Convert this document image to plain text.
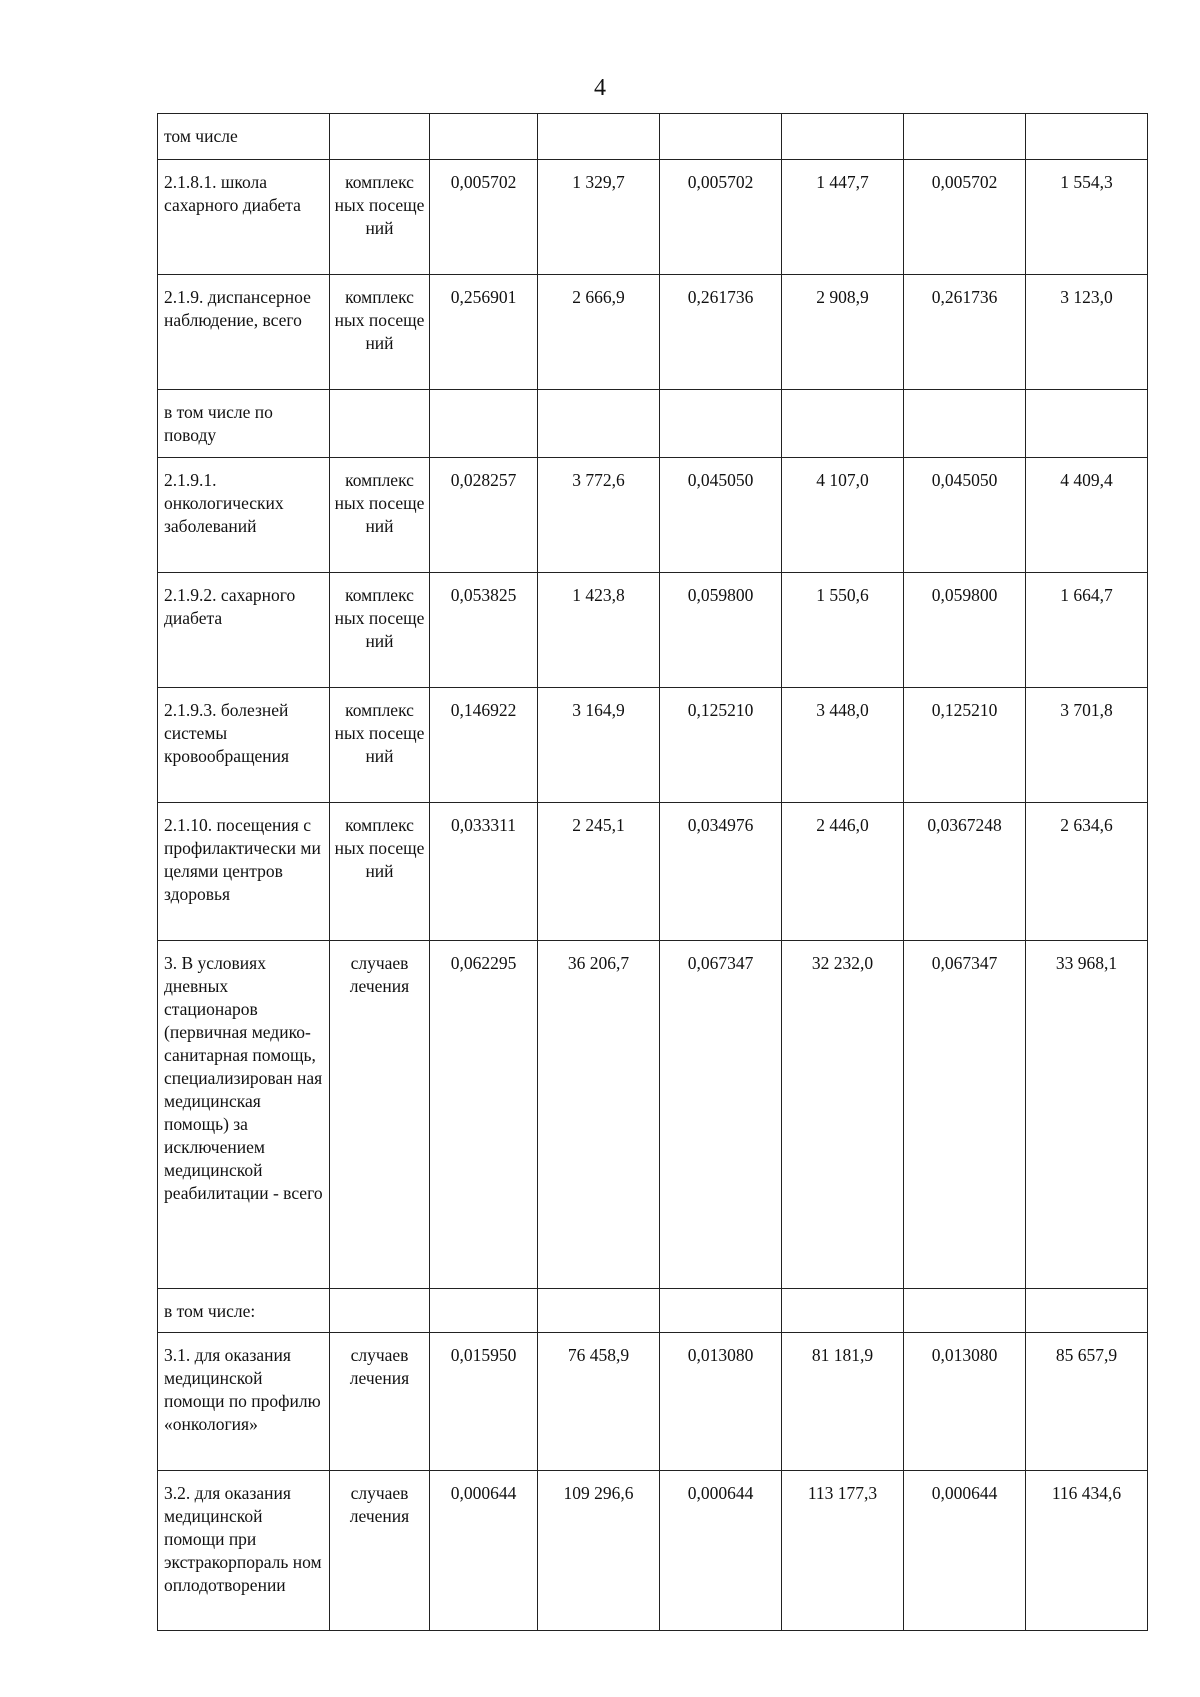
4
том числе							
2.1.8.1. школа сахарного диабета	комплекс ных посеще ний	0,005702	1 329,7	0,005702	1 447,7	0,005702	1 554,3
2.1.9. диспансерное наблюдение, всего	комплекс ных посеще ний	0,256901	2 666,9	0,261736	2 908,9	0,261736	3 123,0
в том числе по поводу							
2.1.9.1. онкологических заболеваний	комплекс ных посеще ний	0,028257	3 772,6	0,045050	4 107,0	0,045050	4 409,4
2.1.9.2. сахарного диабета	комплекс ных посеще ний	0,053825	1 423,8	0,059800	1 550,6	0,059800	1 664,7
2.1.9.3. болезней системы кровообращения	комплекс ных посеще ний	0,146922	3 164,9	0,125210	3 448,0	0,125210	3 701,8
2.1.10. посещения с профилактически ми целями центров здоровья	комплекс ных посеще ний	0,033311	2 245,1	0,034976	2 446,0	0,0367248	2 634,6
3. В условиях дневных стационаров (первичная медико-санитарная помощь, специализирован ная медицинская помощь) за исключением медицинской реабилитации - всего	случаев лечения	0,062295	36 206,7	0,067347	32 232,0	0,067347	33 968,1
в том числе:							
3.1. для оказания медицинской помощи по профилю «онкология»	случаев лечения	0,015950	76 458,9	0,013080	81 181,9	0,013080	85 657,9
3.2. для оказания медицинской помощи при экстракорпораль ном оплодотворении	случаев лечения	0,000644	109 296,6	0,000644	113 177,3	0,000644	116 434,6
